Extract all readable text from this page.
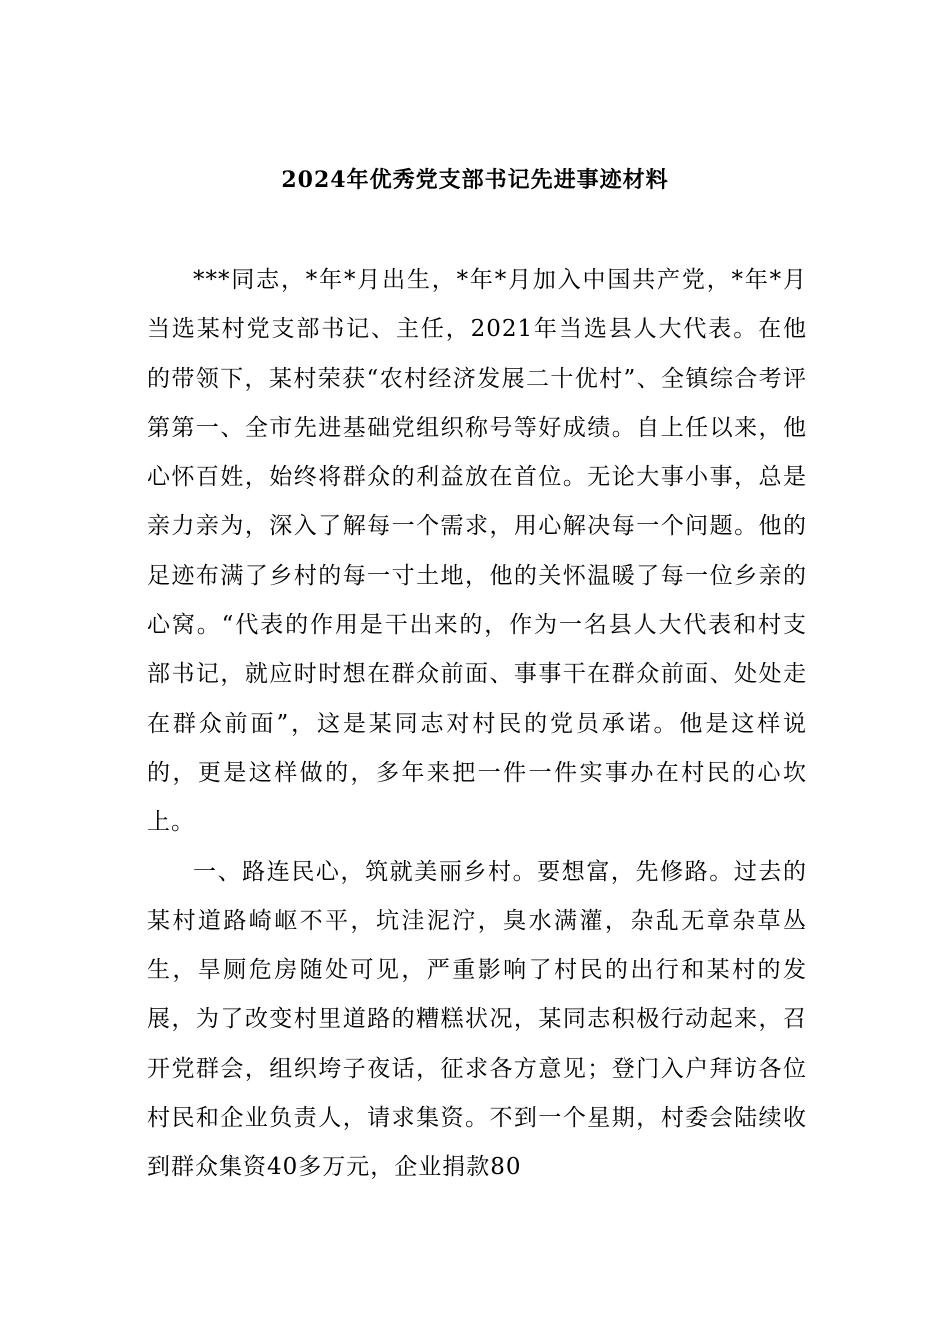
2024年优秀党支部书记先进事迹材料

***同志，*年*月出生，*年*月加入中国共产党，*年*月当选某村党支部书记、主任，2021年当选县人大代表。在他的带领下，某村荣获“农村经济发展二十优村”、全镇综合考评第第一、全市先进基础党组织称号等好成绩。自上任以来，他心怀百姓，始终将群众的利益放在首位。无论大事小事，总是亲力亲为，深入了解每一个需求，用心解决每一个问题。他的足迹布满了乡村的每一寸土地，他的关怀温暖了每一位乡亲的心窝。“代表的作用是干出来的，作为一名县人大代表和村支部书记，就应时时想在群众前面、事事干在群众前面、处处走在群众前面”，这是某同志对村民的党员承诺。他是这样说的，更是这样做的，多年来把一件一件实事办在村民的心坎上。

一、路连民心，筑就美丽乡村。要想富，先修路。过去的某村道路崎岖不平，坑洼泥泞，臭水满灌，杂乱无章杂草丛生，旱厕危房随处可见，严重影响了村民的出行和某村的发展，为了改变村里道路的糟糕状况，某同志积极行动起来，召开党群会，组织垮子夜话，征求各方意见；登门入户拜访各位村民和企业负责人，请求集资。不到一个星期，村委会陆续收到群众集资40多万元，企业捐款80
